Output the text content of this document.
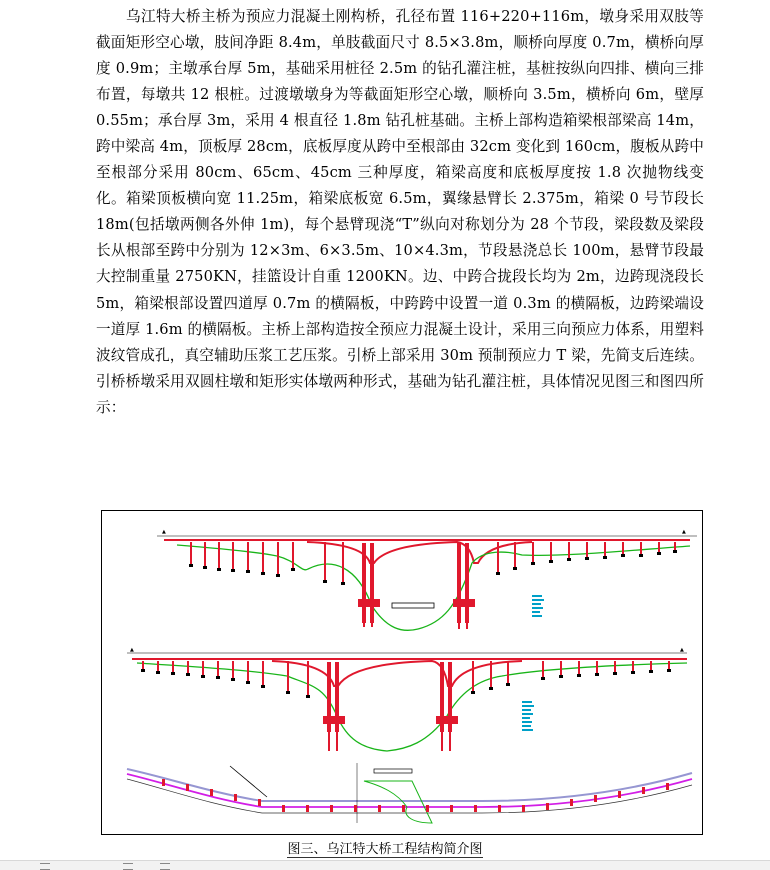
乌江特大桥主桥为预应力混凝土刚构桥，孔径布置 116+220+116m，墩身采用双肢等截面矩形空心墩，肢间净距 8.4m，单肢截面尺寸 8.5×3.8m，顺桥向厚度 0.7m，横桥向厚度 0.9m；主墩承台厚 5m，基础采用桩径 2.5m 的钻孔灌注桩，基桩按纵向四排、横向三排布置，每墩共 12 根桩。过渡墩墩身为等截面矩形空心墩，顺桥向 3.5m，横桥向 6m，壁厚 0.55m；承台厚 3m，采用 4 根直径 1.8m 钻孔桩基础。主桥上部构造箱梁根部梁高 14m，跨中梁高 4m，顶板厚 28cm，底板厚度从跨中至根部由 32cm 变化到 160cm，腹板从跨中至根部分采用 80cm、65cm、45cm 三种厚度，箱梁高度和底板厚度按 1.8 次抛物线变化。箱梁顶板横向宽 11.25m，箱梁底板宽 6.5m，翼缘悬臂长 2.375m，箱梁 0 号节段长 18m(包括墩两侧各外伸 1m)，每个悬臂现浇“T”纵向对称划分为 28 个节段，梁段数及梁段长从根部至跨中分别为 12×3m、6×3.5m、10×4.3m，节段悬浇总长 100m，悬臂节段最大控制重量 2750KN，挂篮设计自重 1200KN。边、中跨合拢段长均为 2m，边跨现浇段长 5m，箱梁根部设置四道厚 0.7m 的横隔板，中跨跨中设置一道 0.3m 的横隔板，边跨梁端设一道厚 1.6m 的横隔板。主桥上部构造按全预应力混凝土设计，采用三向预应力体系，用塑料波纹管成孔，真空辅助压浆工艺压浆。引桥上部采用 30m 预制预应力 T 梁，先简支后连续。引桥桥墩采用双圆柱墩和矩形实体墩两种形式，基础为钻孔灌注桩，具体情况见图三和图四所示：
▲	▲
▲	▲
图三、乌江特大桥工程结构简介图
